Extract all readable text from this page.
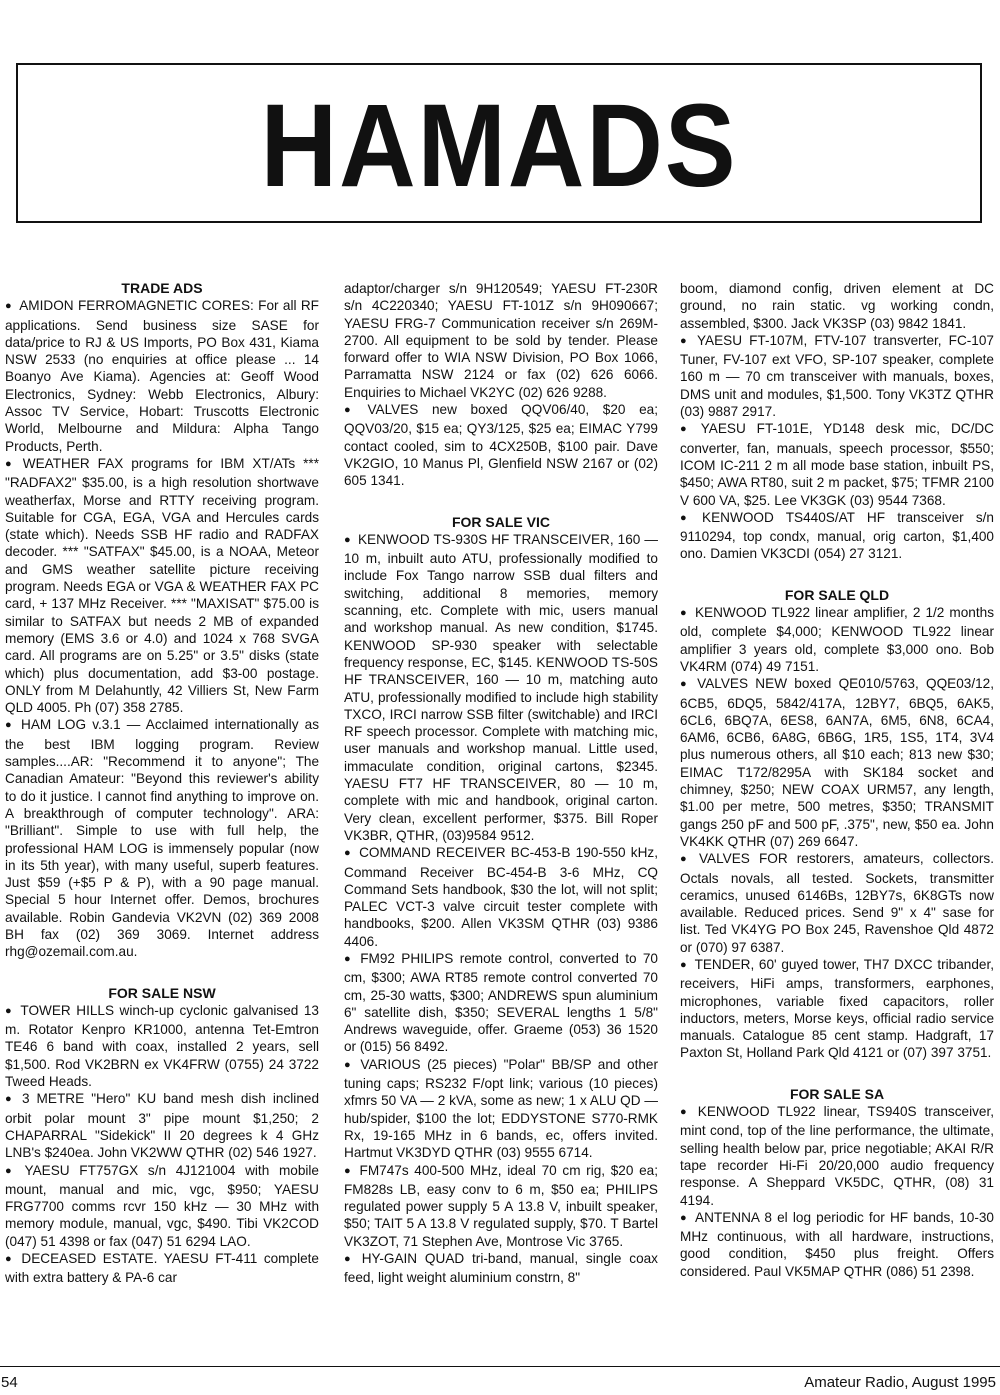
HAMADS

TRADE ADS

● AMIDON FERROMAGNETIC CORES: For all RF applications. Send business size SASE for data/price to RJ & US Imports, PO Box 431, Kiama NSW 2533 (no enquiries at office please ... 14 Boanyo Ave Kiama). Agencies at: Geoff Wood Electronics, Sydney: Webb Electronics, Albury: Assoc TV Service, Hobart: Truscotts Electronic World, Melbourne and Mildura: Alpha Tango Products, Perth.

● WEATHER FAX programs for IBM XT/ATs *** "RADFAX2" $35.00, is a high resolution shortwave weatherfax, Morse and RTTY receiving program. Suitable for CGA, EGA, VGA and Hercules cards (state which). Needs SSB HF radio and RADFAX decoder. *** "SATFAX" $45.00, is a NOAA, Meteor and GMS weather satellite picture receiving program. Needs EGA or VGA & WEATHER FAX PC card, + 137 MHz Receiver. *** "MAXISAT" $75.00 is similar to SATFAX but needs 2 MB of expanded memory (EMS 3.6 or 4.0) and 1024 x 768 SVGA card. All programs are on 5.25" or 3.5" disks (state which) plus documentation, add $3-00 postage. ONLY from M Delahuntly, 42 Villiers St, New Farm QLD 4005. Ph (07) 358 2785.

● HAM LOG v.3.1 — Acclaimed internationally as the best IBM logging program. Review samples....AR: "Recommend it to anyone"; The Canadian Amateur: "Beyond this reviewer's ability to do it justice. I cannot find anything to improve on. A breakthrough of computer technology". ARA: "Brilliant". Simple to use with full help, the professional HAM LOG is immensely popular (now in its 5th year), with many useful, superb features. Just $59 (+$5 P & P), with a 90 page manual. Special 5 hour Internet offer. Demos, brochures available. Robin Gandevia VK2VN (02) 369 2008 BH fax (02) 369 3069. Internet address rhg@ozemail.com.au.

FOR SALE NSW

● TOWER HILLS winch-up cyclonic galvanised 13 m. Rotator Kenpro KR1000, antenna Tet-Emtron TE46 6 band with coax, installed 2 years, sell $1,500. Rod VK2BRN ex VK4FRW (0755) 24 3722 Tweed Heads.

● 3 METRE "Hero" KU band mesh dish inclined orbit polar mount 3" pipe mount $1,250; 2 CHAPARRAL "Sidekick" II 20 degrees k 4 GHz LNB's $240ea. John VK2WW QTHR (02) 546 1927.

● YAESU FT757GX s/n 4J121004 with mobile mount, manual and mic, vgc, $950; YAESU FRG7700 comms rcvr 150 kHz — 30 MHz with memory module, manual, vgc, $490. Tibi VK2COD (047) 51 4398 or fax (047) 51 6294 LAO.

● DECEASED ESTATE. YAESU FT-411 complete with extra battery & PA-6 car

adaptor/charger s/n 9H120549; YAESU FT-230R s/n 4C220340; YAESU FT-101Z s/n 9H090667; YAESU FRG-7 Communication receiver s/n 269M-2700. All equipment to be sold by tender. Please forward offer to WIA NSW Division, PO Box 1066, Parramatta NSW 2124 or fax (02) 626 6066. Enquiries to Michael VK2YC (02) 626 9288.

● VALVES new boxed QQV06/40, $20 ea; QQV03/20, $15 ea; QY3/125, $25 ea; EIMAC Y799 contact cooled, sim to 4CX250B, $100 pair. Dave VK2GIO, 10 Manus Pl, Glenfield NSW 2167 or (02) 605 1341.

FOR SALE VIC

● KENWOOD TS-930S HF TRANSCEIVER, 160 — 10 m, inbuilt auto ATU, professionally modified to include Fox Tango narrow SSB dual filters and switching, additional 8 memories, memory scanning, etc. Complete with mic, users manual and workshop manual. As new condition, $1745. KENWOOD SP-930 speaker with selectable frequency response, EC, $145. KENWOOD TS-50S HF TRANSCEIVER, 160 — 10 m, matching auto ATU, professionally modified to include high stability TXCO, IRCI narrow SSB filter (switchable) and IRCI RF speech processor. Complete with matching mic, user manuals and workshop manual. Little used, immaculate condition, original cartons, $2345. YAESU FT7 HF TRANSCEIVER, 80 — 10 m, complete with mic and handbook, original carton. Very clean, excellent performer, $375. Bill Roper VK3BR, QTHR, (03)9584 9512.

● COMMAND RECEIVER BC-453-B 190-550 kHz, Command Receiver BC-454-B 3-6 MHz, CQ Command Sets handbook, $30 the lot, will not split; PALEC VCT-3 valve circuit tester complete with handbooks, $200. Allen VK3SM QTHR (03) 9386 4406.

● FM92 PHILIPS remote control, converted to 70 cm, $300; AWA RT85 remote control converted 70 cm, 25-30 watts, $300; ANDREWS spun aluminium 6" satellite dish, $350; SEVERAL lengths 1 5/8" Andrews waveguide, offer. Graeme (053) 36 1520 or (015) 56 8492.

● VARIOUS (25 pieces) "Polar" BB/SP and other tuning caps; RS232 F/opt link; various (10 pieces) xfmrs 50 VA — 2 kVA, some as new; 1 x ALU QD — hub/spider, $100 the lot; EDDYSTONE S770-RMK Rx, 19-165 MHz in 6 bands, ec, offers invited. Hartmut VK3DYD QTHR (03) 9555 6714.

● FM747s 400-500 MHz, ideal 70 cm rig, $20 ea; FM828s LB, easy conv to 6 m, $50 ea; PHILIPS regulated power supply 5 A 13.8 V, inbuilt speaker, $50; TAIT 5 A 13.8 V regulated supply, $70. T Bartel VK3ZOT, 71 Stephen Ave, Montrose Vic 3765.

● HY-GAIN QUAD tri-band, manual, single coax feed, light weight aluminium constrn, 8"

boom, diamond config, driven element at DC ground, no rain static. vg working condn, assembled, $300. Jack VK3SP (03) 9842 1841.

● YAESU FT-107M, FTV-107 transverter, FC-107 Tuner, FV-107 ext VFO, SP-107 speaker, complete 160 m — 70 cm transceiver with manuals, boxes, DMS unit and modules, $1,500. Tony VK3TZ QTHR (03) 9887 2917.

● YAESU FT-101E, YD148 desk mic, DC/DC converter, fan, manuals, speech processor, $550; ICOM IC-211 2 m all mode base station, inbuilt PS, $450; AWA RT80, suit 2 m packet, $75; TFMR 2100 V 600 VA, $25. Lee VK3GK (03) 9544 7368.

● KENWOOD TS440S/AT HF transceiver s/n 9110294, top condx, manual, orig carton, $1,400 ono. Damien VK3CDI (054) 27 3121.

FOR SALE QLD

● KENWOOD TL922 linear amplifier, 2 1/2 months old, complete $4,000; KENWOOD TL922 linear amplifier 3 years old, complete $3,000 ono. Bob VK4RM (074) 49 7151.

● VALVES NEW boxed QE010/5763, QQE03/12, 6CB5, 6DQ5, 5842/417A, 12BY7, 6BQ5, 6AK5, 6CL6, 6BQ7A, 6ES8, 6AN7A, 6M5, 6N8, 6CA4, 6AM6, 6CB6, 6A8G, 6B6G, 1R5, 1S5, 1T4, 3V4 plus numerous others, all $10 each; 813 new $30; EIMAC T172/8295A with SK184 socket and chimney, $250; NEW COAX URM57, any length, $1.00 per metre, 500 metres, $350; TRANSMIT gangs 250 pF and 500 pF, .375", new, $50 ea. John VK4KK QTHR (07) 269 6647.

● VALVES FOR restorers, amateurs, collectors. Octals novals, all tested. Sockets, transmitter ceramics, unused 6146Bs, 12BY7s, 6K8GTs now available. Reduced prices. Send 9" x 4" sase for list. Ted VK4YG PO Box 245, Ravenshoe Qld 4872 or (070) 97 6387.

● TENDER, 60' guyed tower, TH7 DXCC tribander, receivers, HiFi amps, transformers, earphones, microphones, variable fixed capacitors, roller inductors, meters, Morse keys, official radio service manuals. Catalogue 85 cent stamp. Hadgraft, 17 Paxton St, Holland Park Qld 4121 or (07) 397 3751.

FOR SALE SA

● KENWOOD TL922 linear, TS940S transceiver, mint cond, top of the line performance, the ultimate, selling health below par, price negotiable; AKAI R/R tape recorder Hi-Fi 20/20,000 audio frequency response. A Sheppard VK5DC, QTHR, (08) 31 4194.

● ANTENNA 8 el log periodic for HF bands, 10-30 MHz continuous, with all hardware, instructions, good condition, $450 plus freight. Offers considered. Paul VK5MAP QTHR (086) 51 2398.

54	Amateur Radio, August 1995
